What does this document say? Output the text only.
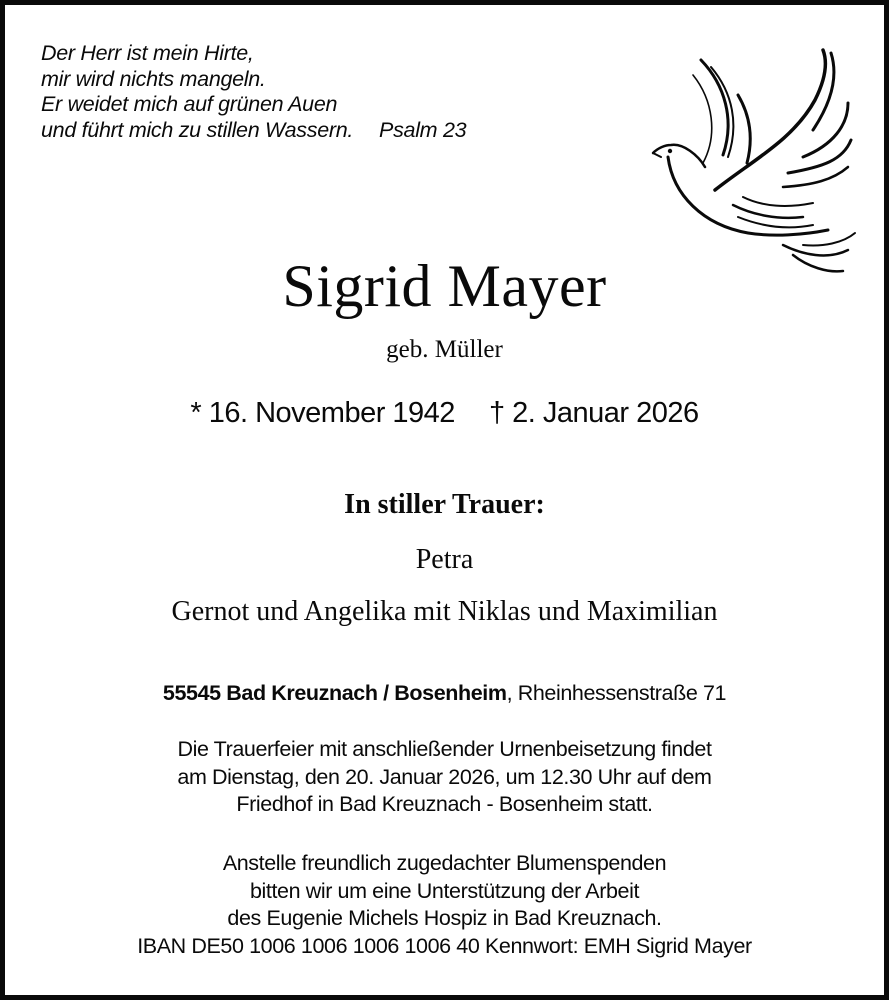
Der Herr ist mein Hirte,
mir wird nichts mangeln.
Er weidet mich auf grünen Auen
und führt mich zu stillen Wassern. Psalm 23
Sigrid Mayer
geb. Müller
* 16. November 1942 † 2. Januar 2026
In stiller Trauer:
Petra
Gernot und Angelika mit Niklas und Maximilian
55545 Bad Kreuznach / Bosenheim, Rheinhessenstraße 71
Die Trauerfeier mit anschließender Urnenbeisetzung findet
am Dienstag, den 20. Januar 2026, um 12.30 Uhr auf dem
Friedhof in Bad Kreuznach - Bosenheim statt.
Anstelle freundlich zugedachter Blumenspenden
bitten wir um eine Unterstützung der Arbeit
des Eugenie Michels Hospiz in Bad Kreuznach.
IBAN DE50 1006 1006 1006 1006 40 Kennwort: EMH Sigrid Mayer
